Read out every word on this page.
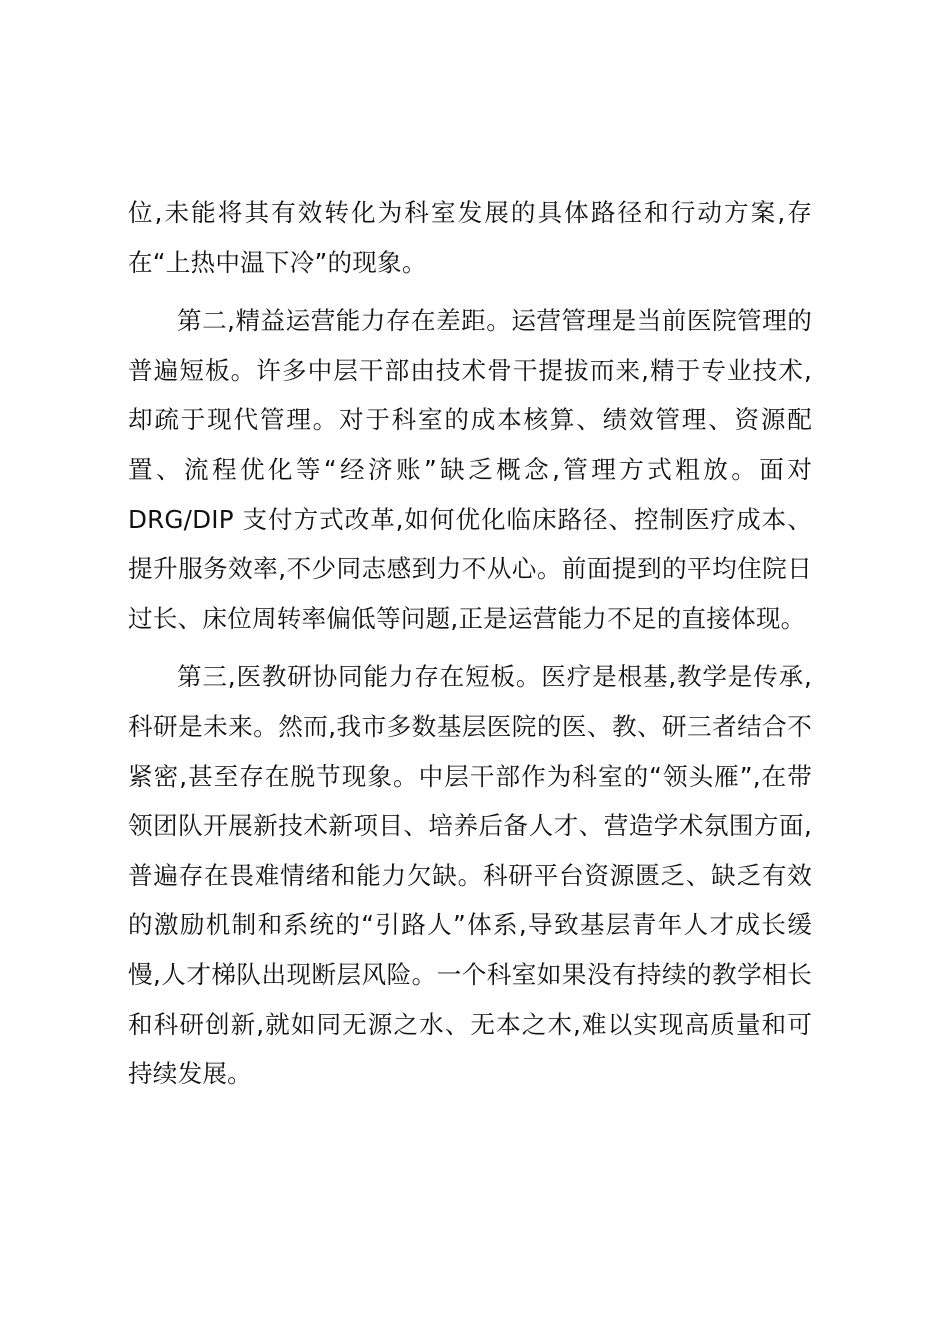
位,未能将其有效转化为科室发展的具体路径和行动方案,存在“上热中温下冷”的现象。

第二,精益运营能力存在差距。运营管理是当前医院管理的普遍短板。许多中层干部由技术骨干提拔而来,精于专业技术,却疏于现代管理。对于科室的成本核算、绩效管理、资源配置、流程优化等“经济账”缺乏概念,管理方式粗放。面对 DRG/DIP 支付方式改革,如何优化临床路径、控制医疗成本、提升服务效率,不少同志感到力不从心。前面提到的平均住院日过长、床位周转率偏低等问题,正是运营能力不足的直接体现。

第三,医教研协同能力存在短板。医疗是根基,教学是传承,科研是未来。然而,我市多数基层医院的医、教、研三者结合不紧密,甚至存在脱节现象。中层干部作为科室的“领头雁”,在带领团队开展新技术新项目、培养后备人才、营造学术氛围方面,普遍存在畏难情绪和能力欠缺。科研平台资源匮乏、缺乏有效的激励机制和系统的“引路人”体系,导致基层青年人才成长缓慢,人才梯队出现断层风险。一个科室如果没有持续的教学相长和科研创新,就如同无源之水、无本之木,难以实现高质量和可持续发展。
